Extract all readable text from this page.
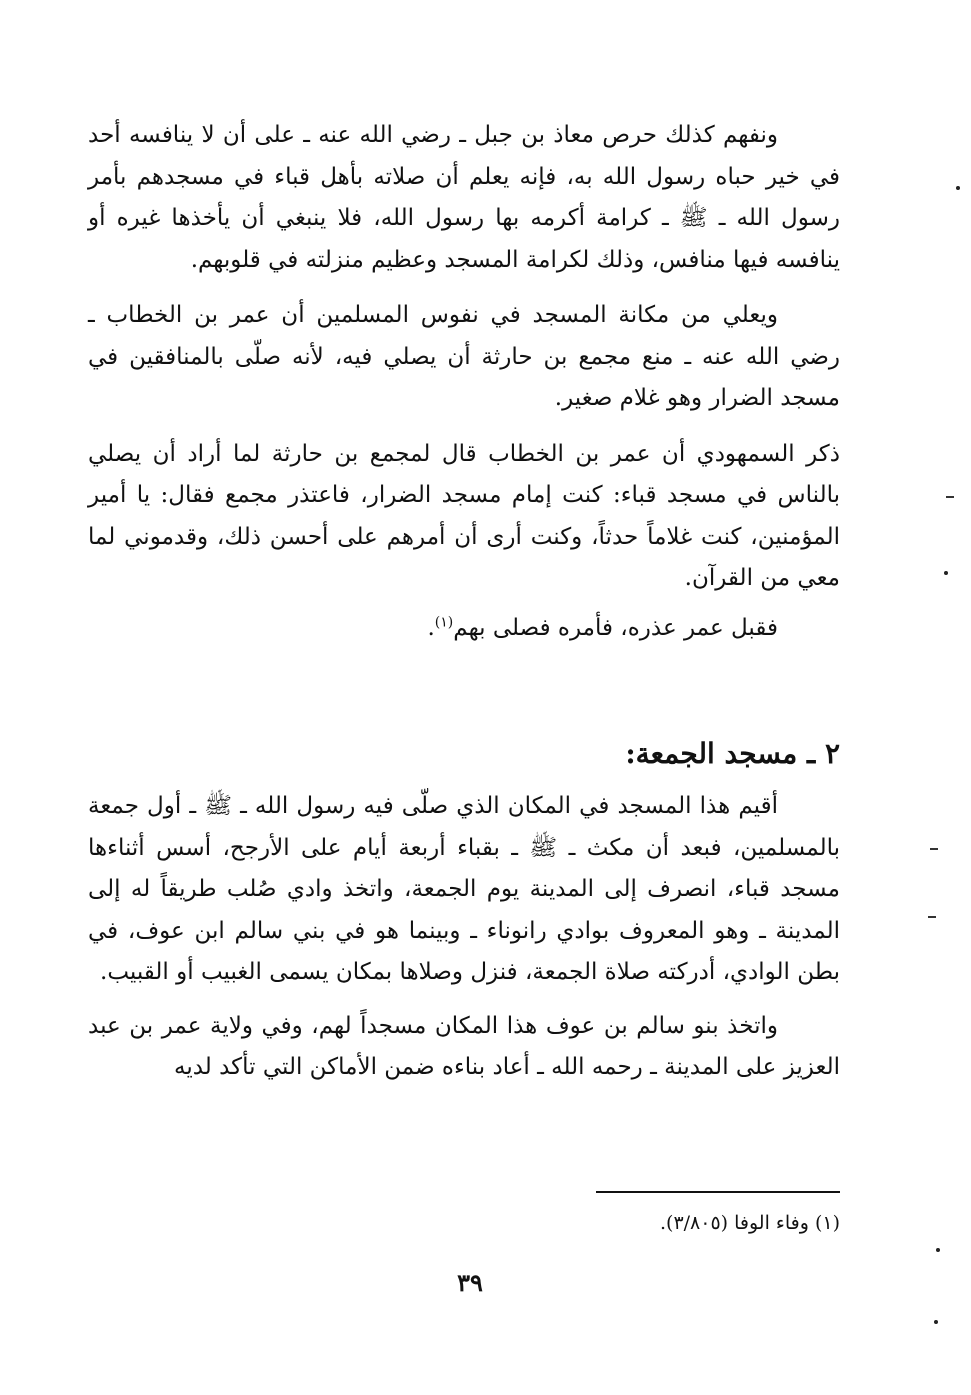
ونفهم كذلك حرص معاذ بن جبل ـ رضي الله عنه ـ على أن لا ينافسه أحد في خير حباه رسول الله به، فإنه يعلم أن صلاته بأهل قباء في مسجدهم بأمر رسول الله ـ ﷺ ـ كرامة أكرمه بها رسول الله، فلا ينبغي أن يأخذها غيره أو ينافسه فيها منافس، وذلك لكرامة المسجد وعظيم منزلته في قلوبهم.

ويعلي من مكانة المسجد في نفوس المسلمين أن عمر بن الخطاب ـ رضي الله عنه ـ منع مجمع بن حارثة أن يصلي فيه، لأنه صلّى بالمنافقين في مسجد الضرار وهو غلام صغير.

ذكر السمهودي أن عمر بن الخطاب قال لمجمع بن حارثة لما أراد أن يصلي بالناس في مسجد قباء: كنت إمام مسجد الضرار، فاعتذر مجمع فقال: يا أمير المؤمنين، كنت غلاماً حدثاً، وكنت أرى أن أمرهم على أحسن ذلك، وقدموني لما معي من القرآن.

فقبل عمر عذره، فأمره فصلى بهم$^{(١)}$.

٢ ـ مسجد الجمعة:

أقيم هذا المسجد في المكان الذي صلّى فيه رسول الله ـ ﷺ ـ أول جمعة بالمسلمين، فبعد أن مكث ـ ﷺ ـ بقباء أربعة أيام على الأرجح، أسس أثناءها مسجد قباء، انصرف إلى المدينة يوم الجمعة، واتخذ وادي صُلب طريقاً له إلى المدينة ـ وهو المعروف بوادي رانوناء ـ وبينما هو في بني سالم ابن عوف، في بطن الوادي، أدركته صلاة الجمعة، فنزل وصلاها بمكان يسمى الغبيب أو القبيب.

واتخذ بنو سالم بن عوف هذا المكان مسجداً لهم، وفي ولاية عمر بن عبد العزيز على المدينة ـ رحمه الله ـ أعاد بناءه ضمن الأماكن التي تأكد لديه

(١) وفاء الوفا (٣/٨٠٥).
٣٩
